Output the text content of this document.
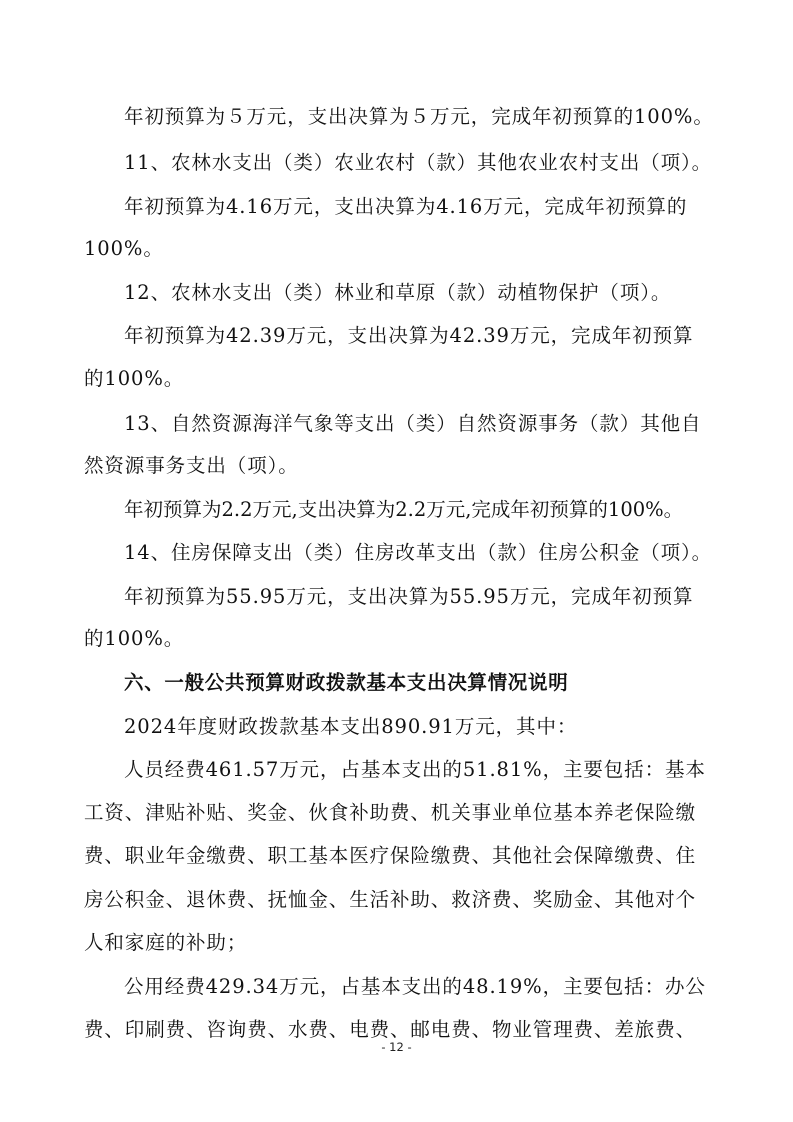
年初预算为５万元，支出决算为５万元，完成年初预算的100%。
11、农林水支出（类）农业农村（款）其他农业农村支出（项）。
年初预算为4.16万元，支出决算为4.16万元，完成年初预算的
100%。
12、农林水支出（类）林业和草原（款）动植物保护（项）。
年初预算为42.39万元，支出决算为42.39万元，完成年初预算
的100%。
13、自然资源海洋气象等支出（类）自然资源事务（款）其他自
然资源事务支出（项）。
年初预算为2.2万元,支出决算为2.2万元,完成年初预算的100%。
14、住房保障支出（类）住房改革支出（款）住房公积金（项）。
年初预算为55.95万元，支出决算为55.95万元，完成年初预算
的100%。
六、一般公共预算财政拨款基本支出决算情况说明
2024年度财政拨款基本支出890.91万元，其中：
人员经费461.57万元，占基本支出的51.81%，主要包括：基本
工资、津贴补贴、奖金、伙食补助费、机关事业单位基本养老保险缴
费、职业年金缴费、职工基本医疗保险缴费、其他社会保障缴费、住
房公积金、退休费、抚恤金、生活补助、救济费、奖励金、其他对个
人和家庭的补助；
公用经费429.34万元，占基本支出的48.19%，主要包括：办公
费、印刷费、咨询费、水费、电费、邮电费、物业管理费、差旅费、
- 12 -
